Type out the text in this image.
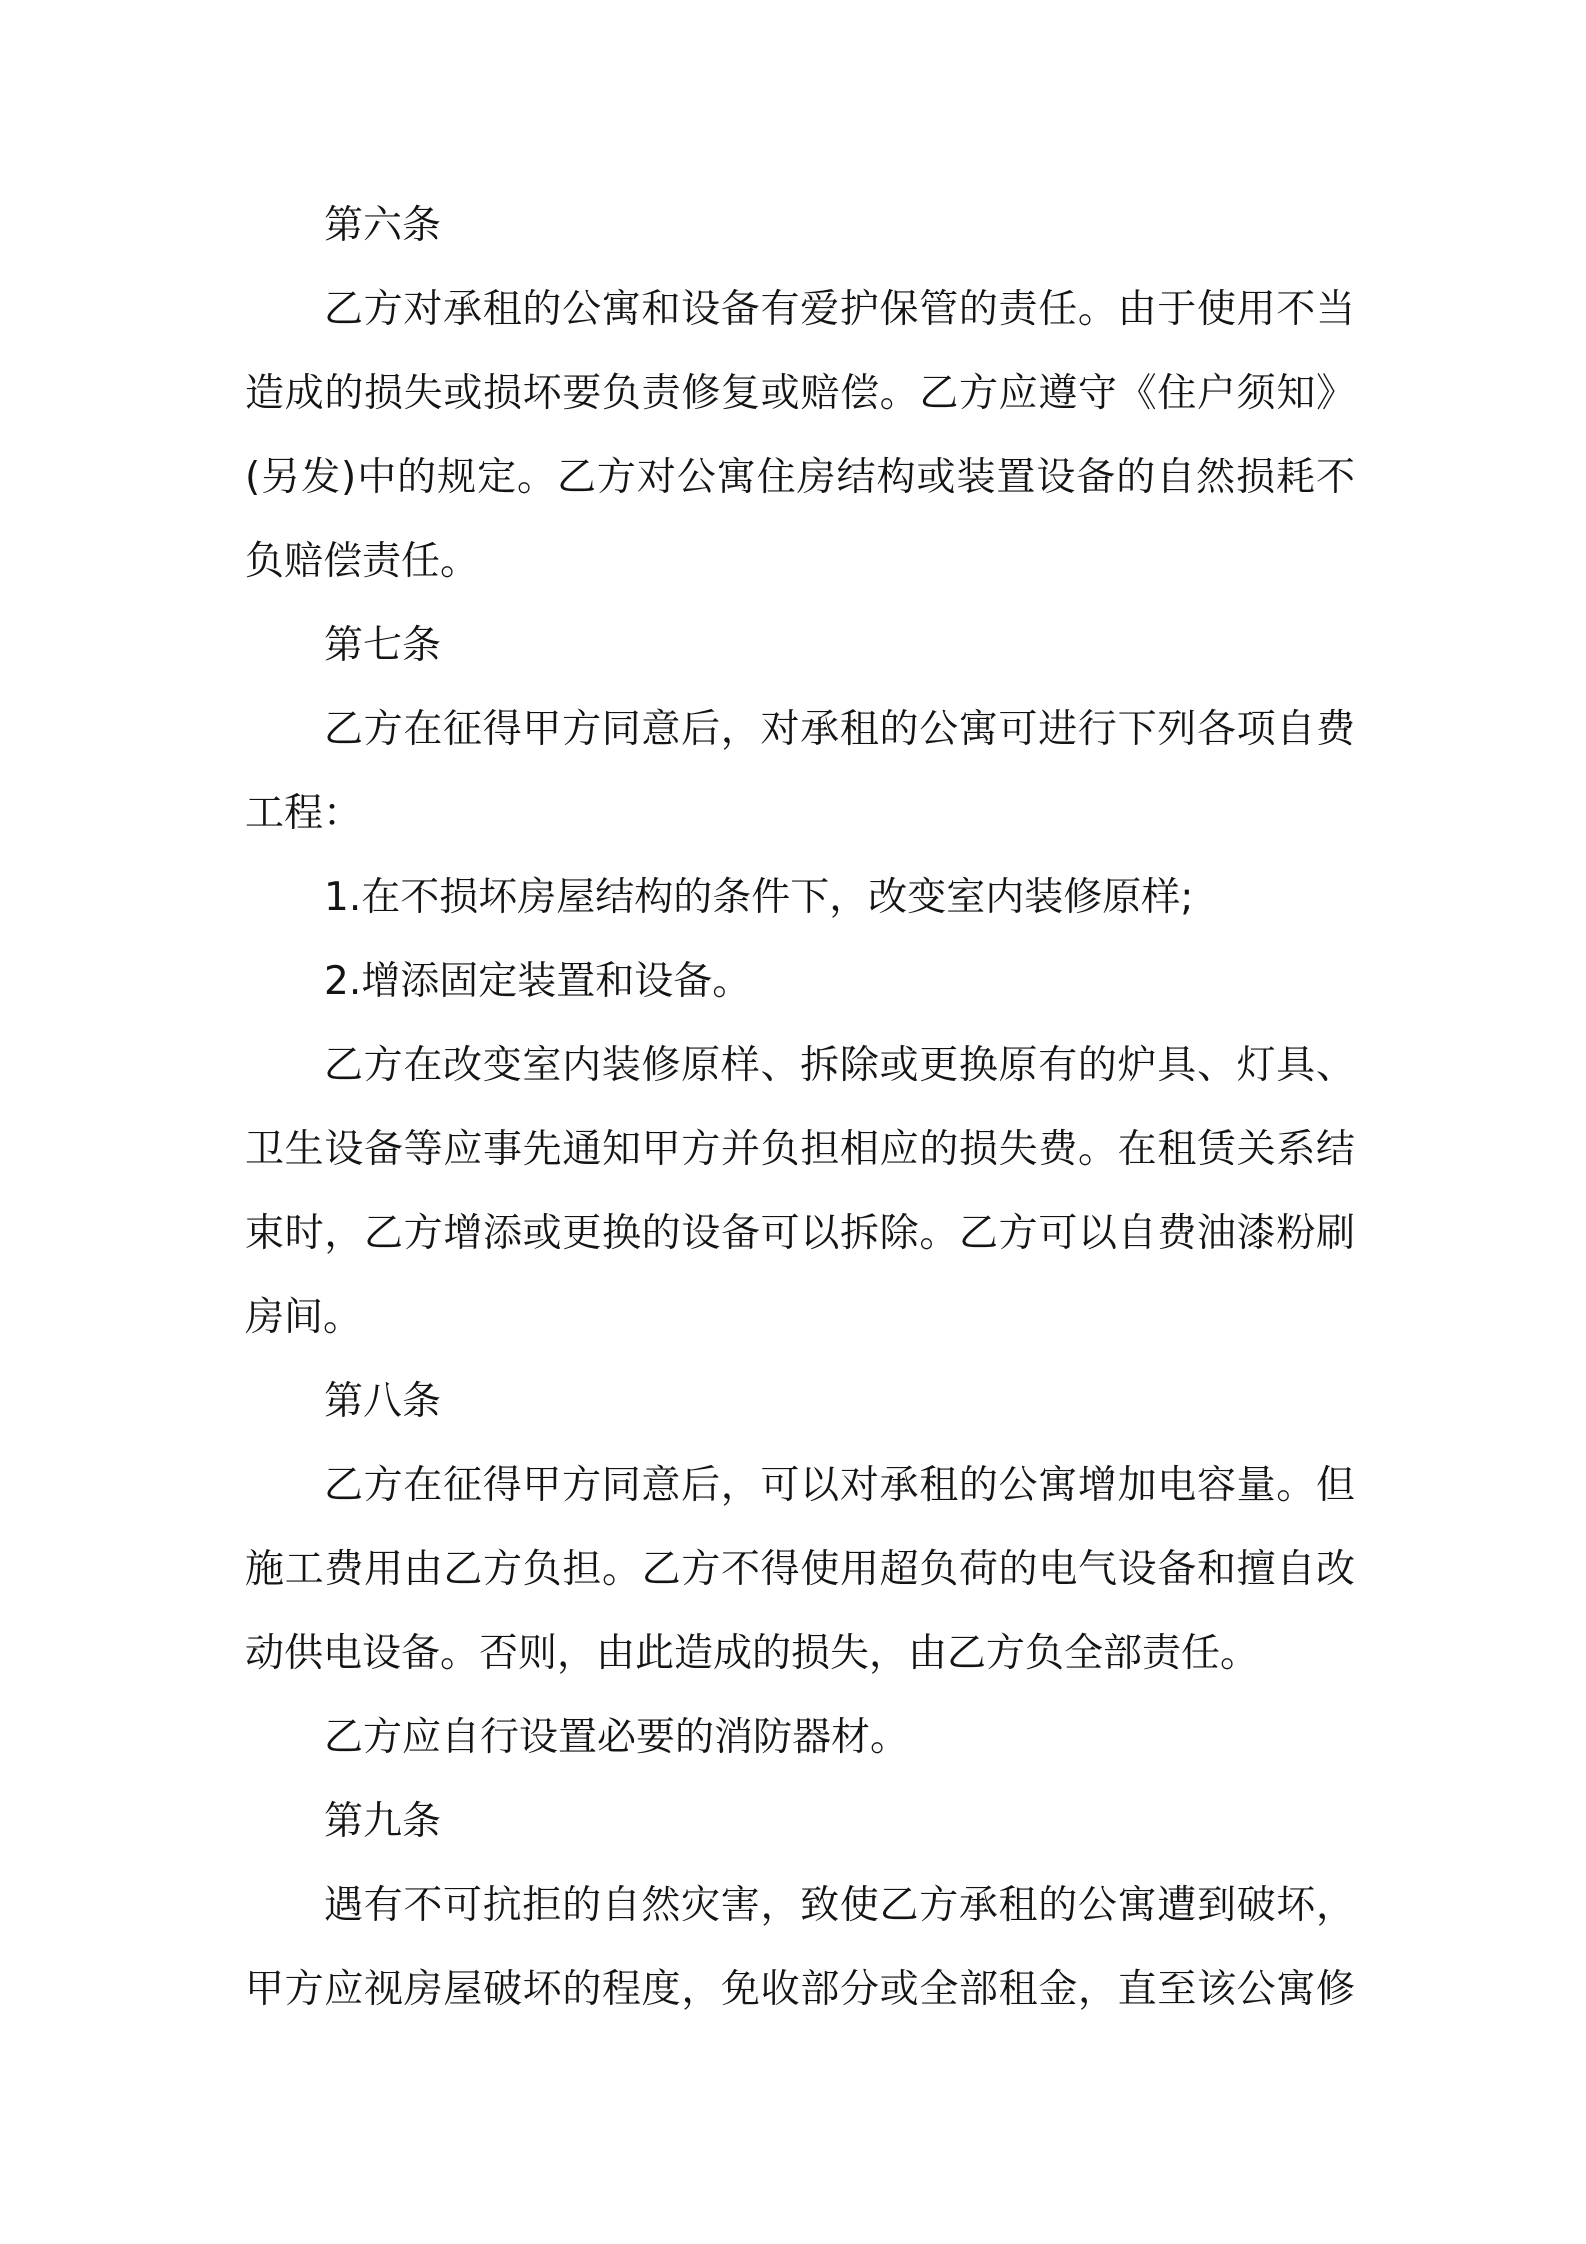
第六条
乙方对承租的公寓和设备有爱护保管的责任。由于使用不当
造成的损失或损坏要负责修复或赔偿。乙方应遵守《住户须知》
(另发)中的规定。乙方对公寓住房结构或装置设备的自然损耗不
负赔偿责任。
第七条
乙方在征得甲方同意后，对承租的公寓可进行下列各项自费
工程：
1.在不损坏房屋结构的条件下，改变室内装修原样;
2.增添固定装置和设备。
乙方在改变室内装修原样、拆除或更换原有的炉具、灯具、
卫生设备等应事先通知甲方并负担相应的损失费。在租赁关系结
束时，乙方增添或更换的设备可以拆除。乙方可以自费油漆粉刷
房间。
第八条
乙方在征得甲方同意后，可以对承租的公寓增加电容量。但
施工费用由乙方负担。乙方不得使用超负荷的电气设备和擅自改
动供电设备。否则，由此造成的损失，由乙方负全部责任。
乙方应自行设置必要的消防器材。
第九条
遇有不可抗拒的自然灾害，致使乙方承租的公寓遭到破坏，
甲方应视房屋破坏的程度，免收部分或全部租金，直至该公寓修
